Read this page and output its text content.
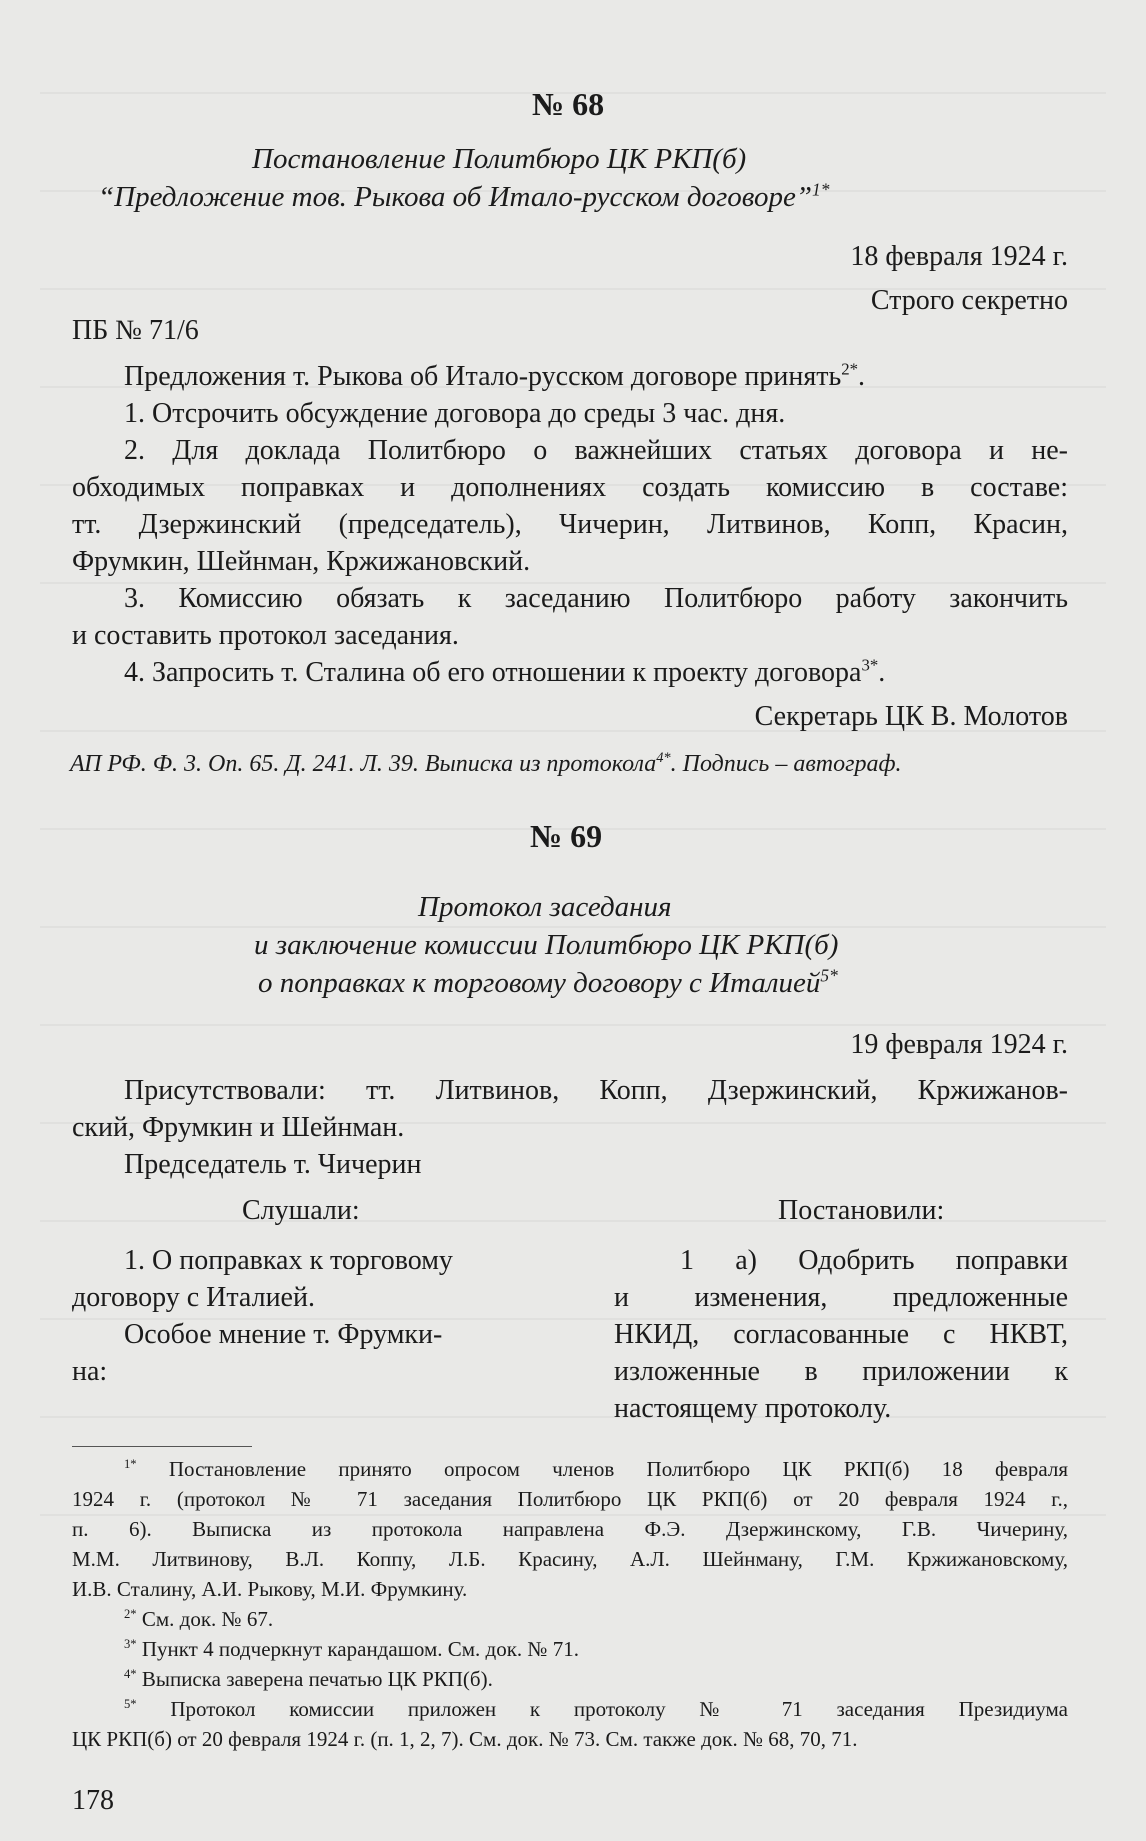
№ 68
Постановление Политбюро ЦК РКП(б)
“Предложение тов. Рыкова об Итало-русском договоре”$^{1*}$
18 февраля 1924 г.
Строго секретно
ПБ № 71/6
Предложения т. Рыкова об Итало-русском договоре принять$^{2*}$.
1. Отсрочить обсуждение договора до среды 3 час. дня.
2. Для доклада Политбюро о важнейших статьях договора и не-
обходимых поправках и дополнениях создать комиссию в составе:
тт. Дзержинский (председатель), Чичерин, Литвинов, Копп, Красин,
Фрумкин, Шейнман, Кржижановский.
3. Комиссию обязать к заседанию Политбюро работу закончить
и составить протокол заседания.
4. Запросить т. Сталина об его отношении к проекту договора$^{3*}$.
Секретарь ЦК В. Молотов
АП РФ. Ф. 3. Оп. 65. Д. 241. Л. 39. Выписка из протокола$^{4*}$. Подпись – автограф.
№ 69
Протокол заседания
и заключение комиссии Политбюро ЦК РКП(б)
о поправках к торговому договору с Италией$^{5*}$
19 февраля 1924 г.
Присутствовали: тт. Литвинов, Копп, Дзержинский, Кржижанов-
ский, Фрумкин и Шейнман.
Председатель т. Чичерин
Слушали:	Постановили:
1. О поправках к торговому
договору с Италией.
Особое мнение т. Фрумки-
на:
1 а) Одобрить поправки
и изменения, предложенные
НКИД, согласованные с НКВТ,
изложенные в приложении к
настоящему протоколу.
$^{1*}$ Постановление принято опросом членов Политбюро ЦК РКП(б) 18 февраля
1924 г. (протокол № 71 заседания Политбюро ЦК РКП(б) от 20 февраля 1924 г.,
п. 6). Выписка из протокола направлена Ф.Э. Дзержинскому, Г.В. Чичерину,
М.М. Литвинову, В.Л. Коппу, Л.Б. Красину, А.Л. Шейнману, Г.М. Кржижановскому,
И.В. Сталину, А.И. Рыкову, М.И. Фрумкину.
$^{2*}$ См. док. № 67.
$^{3*}$ Пункт 4 подчеркнут карандашом. См. док. № 71.
$^{4*}$ Выписка заверена печатью ЦК РКП(б).
$^{5*}$ Протокол комиссии приложен к протоколу № 71 заседания Президиума
ЦК РКП(б) от 20 февраля 1924 г. (п. 1, 2, 7). См. док. № 73. См. также док. № 68, 70, 71.
178
